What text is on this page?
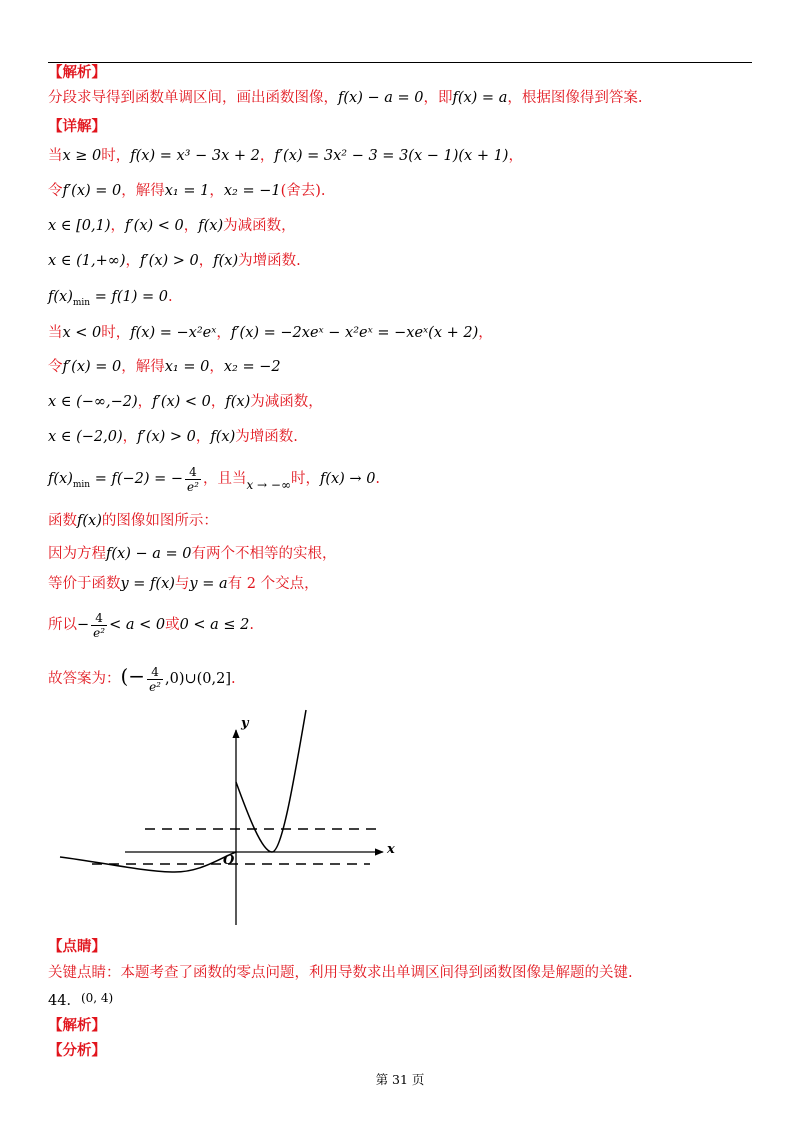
【解析】
分段求导得到函数单调区间，画出函数图像，f(x) − a = 0，即f(x) = a，根据图像得到答案.
【详解】
当x ≥ 0时，f(x) = x³ − 3x + 2，f′(x) = 3x² − 3 = 3(x − 1)(x + 1)，
令f′(x) = 0，解得x₁ = 1，x₂ = −1(舍去).
x ∈ [0,1)，f′(x) < 0，f(x)为减函数，
x ∈ (1,+∞)，f′(x) > 0，f(x)为增函数.
$f(x)_{min} = f(1) = 0$.
当x < 0时，f(x) = −x²eˣ，f′(x) = −2xeˣ − x²eˣ = −xeˣ(x + 2)，
令f′(x) = 0，解得x₁ = 0，x₂ = −2
x ∈ (−∞,−2)，f′(x) < 0，f(x)为减函数，
x ∈ (−2,0)，f′(x) > 0，f(x)为增函数.
$f(x)_{min} = f(-2)$ = − $\frac{4}{\text{e²}}$ ，且当$_{x \to -\infty}$时，f(x) → 0.
函数f(x)的图像如图所示：
因为方程f(x) − a = 0有两个不相等的实根，
等价于函数y = f(x)与y = a有 2 个交点，
所以− $\frac{4}{\text{e²}} < a < 0$或0 < a ≤ 2.
故答案为：(− $\frac{4}{\text{e²}}$ ,0)∪(0,2].
y
x
O
【点睛】
关键点睛：本题考查了函数的零点问题，利用导数求出单调区间得到函数图像是解题的关键.
44．$^{(0, 4)}$
【解析】
【分析】
第 31 页
